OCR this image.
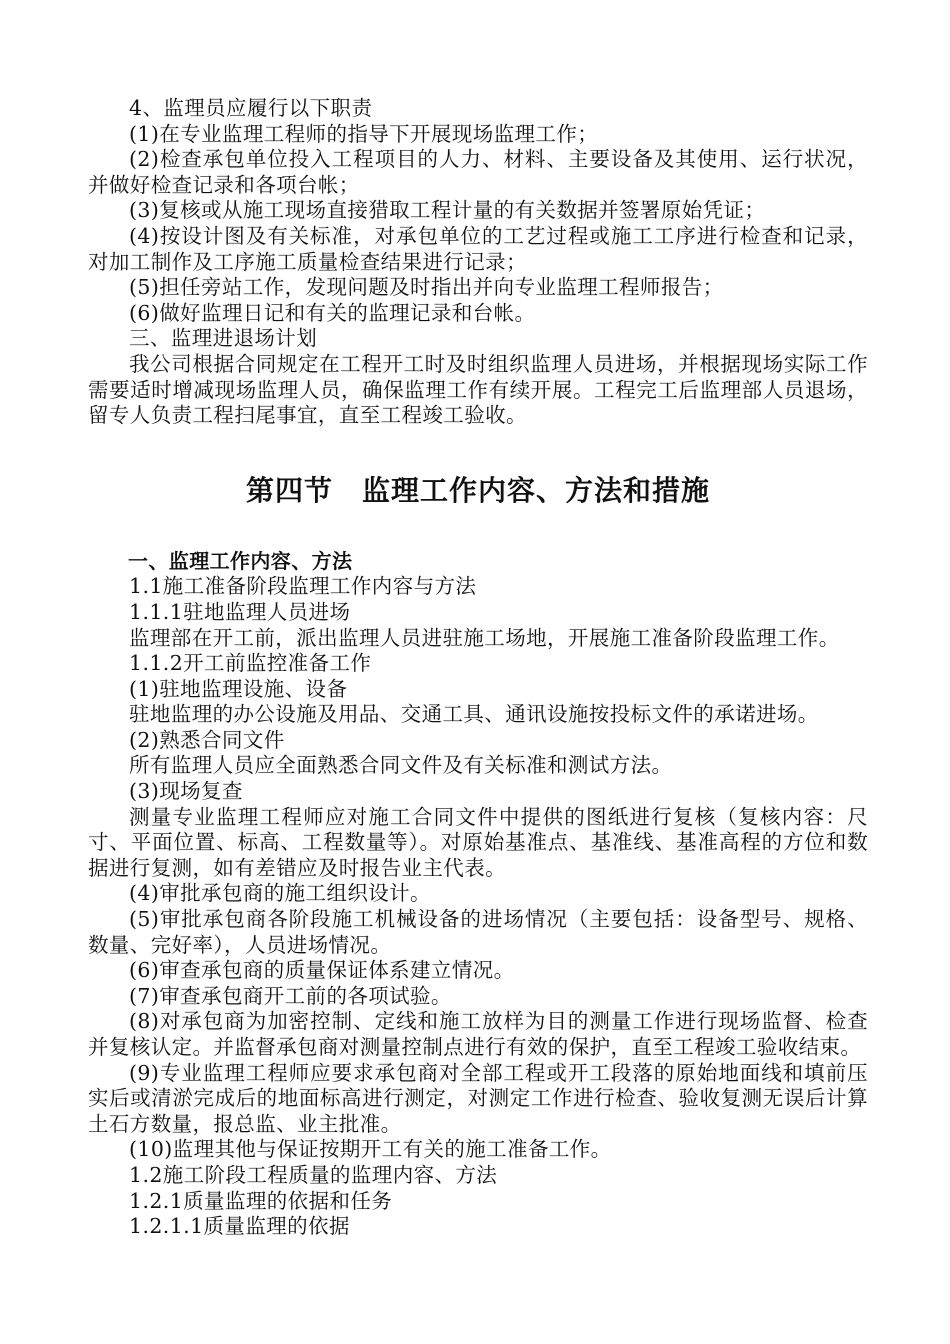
4、监理员应履行以下职责

(1)在专业监理工程师的指导下开展现场监理工作；

(2)检查承包单位投入工程项目的人力、材料、主要设备及其使用、运行状况，并做好检查记录和各项台帐；

(3)复核或从施工现场直接猎取工程计量的有关数据并签署原始凭证；

(4)按设计图及有关标准，对承包单位的工艺过程或施工工序进行检查和记录，对加工制作及工序施工质量检查结果进行记录；

(5)担任旁站工作，发现问题及时指出并向专业监理工程师报告；

(6)做好监理日记和有关的监理记录和台帐。

三、监理进退场计划

我公司根据合同规定在工程开工时及时组织监理人员进场，并根据现场实际工作需要适时增减现场监理人员，确保监理工作有续开展。工程完工后监理部人员退场，留专人负责工程扫尾事宜，直至工程竣工验收。

第四节　监理工作内容、方法和措施
一、监理工作内容、方法

1.1施工准备阶段监理工作内容与方法

1.1.1驻地监理人员进场

监理部在开工前，派出监理人员进驻施工场地，开展施工准备阶段监理工作。

1.1.2开工前监控准备工作

(1)驻地监理设施、设备

驻地监理的办公设施及用品、交通工具、通讯设施按投标文件的承诺进场。

(2)熟悉合同文件

所有监理人员应全面熟悉合同文件及有关标准和测试方法。

(3)现场复查

测量专业监理工程师应对施工合同文件中提供的图纸进行复核（复核内容：尺寸、平面位置、标高、工程数量等）。对原始基准点、基准线、基准高程的方位和数据进行复测，如有差错应及时报告业主代表。

(4)审批承包商的施工组织设计。

(5)审批承包商各阶段施工机械设备的进场情况（主要包括：设备型号、规格、数量、完好率），人员进场情况。

(6)审查承包商的质量保证体系建立情况。

(7)审查承包商开工前的各项试验。

(8)对承包商为加密控制、定线和施工放样为目的测量工作进行现场监督、检查并复核认定。并监督承包商对测量控制点进行有效的保护，直至工程竣工验收结束。

(9)专业监理工程师应要求承包商对全部工程或开工段落的原始地面线和填前压实后或清淤完成后的地面标高进行测定，对测定工作进行检查、验收复测无误后计算土石方数量，报总监、业主批准。

(10)监理其他与保证按期开工有关的施工准备工作。

1.2施工阶段工程质量的监理内容、方法

1.2.1质量监理的依据和任务

1.2.1.1质量监理的依据
